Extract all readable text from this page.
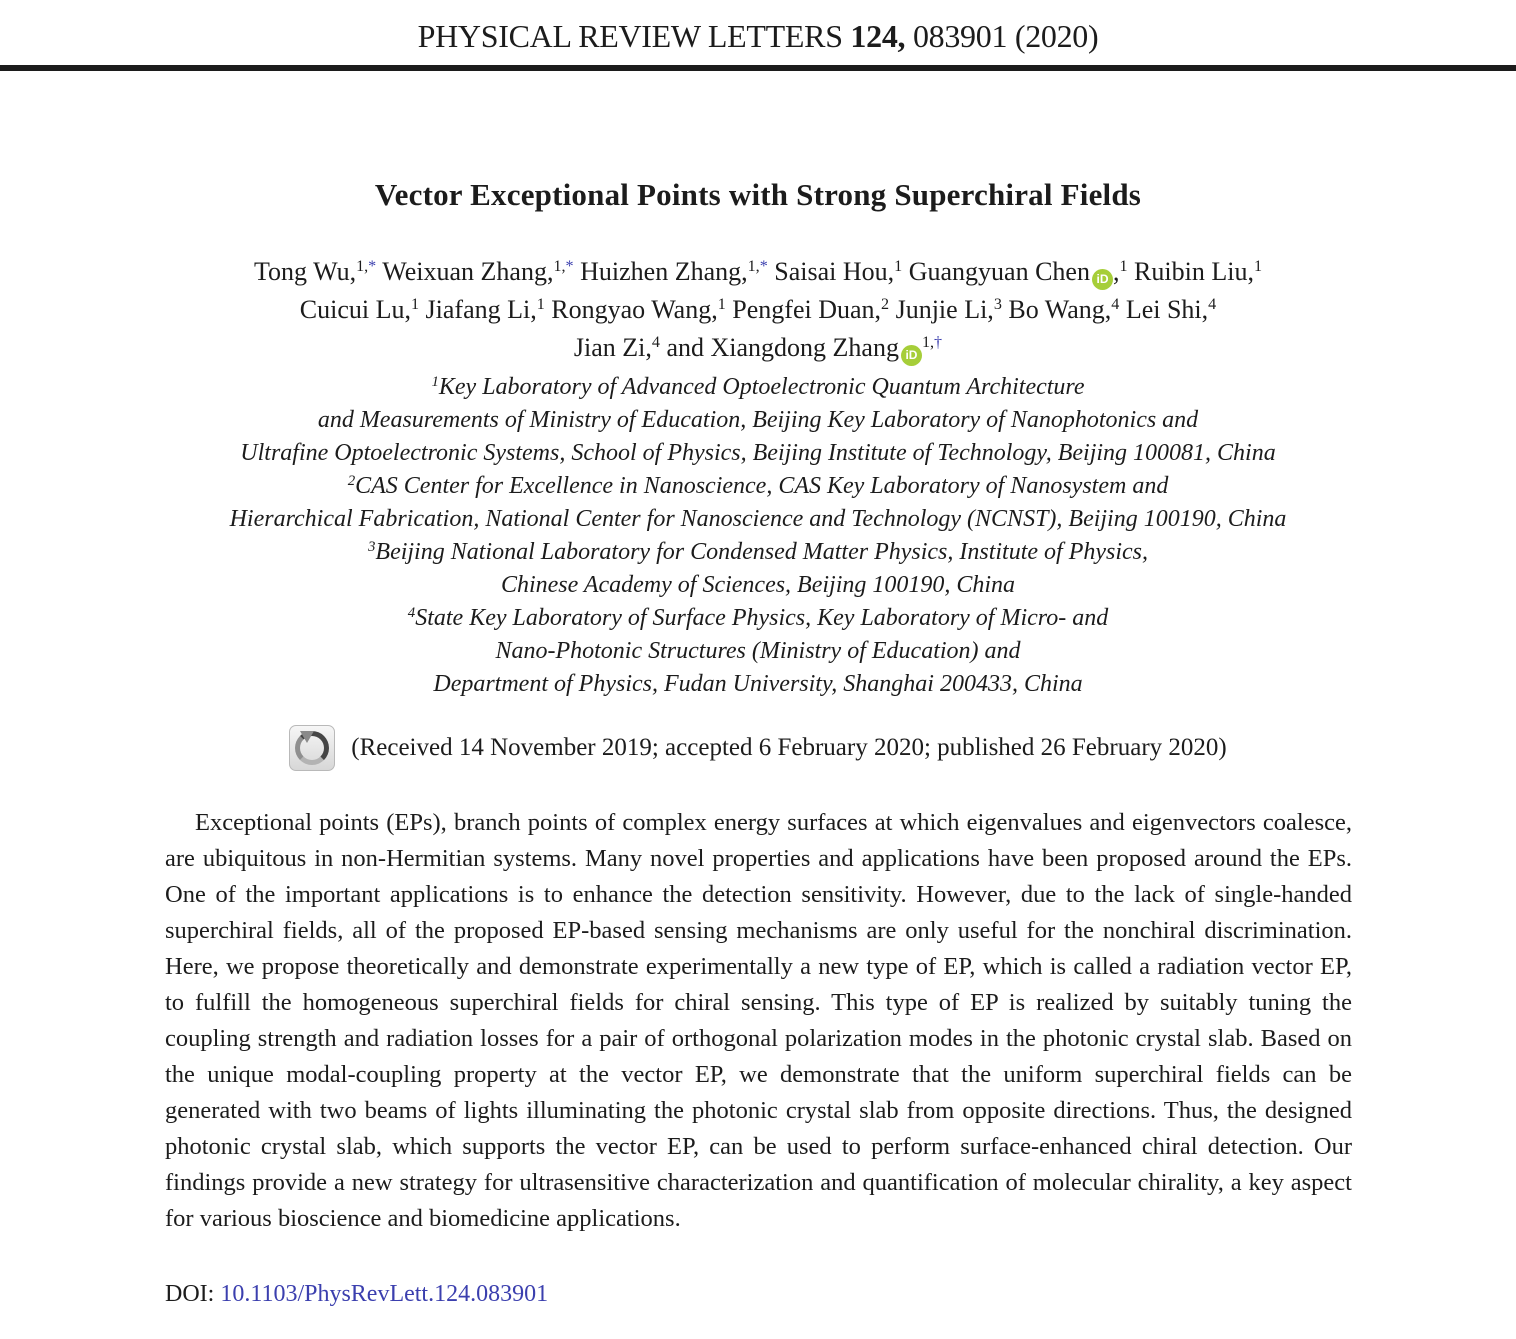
PHYSICAL REVIEW LETTERS 124, 083901 (2020)
Vector Exceptional Points with Strong Superchiral Fields
Tong Wu,$^{1,*}$ Weixuan Zhang,$^{1,*}$ Huizhen Zhang,$^{1,*}$ Saisai Hou,$^1$ Guangyuan Chen iD ,$^1$ Ruibin Liu,$^1$
Cuicui Lu,$^1$ Jiafang Li,$^1$ Rongyao Wang,$^1$ Pengfei Duan,$^2$ Junjie Li,$^3$ Bo Wang,$^4$ Lei Shi,$^4$
Jian Zi,$^4$ and Xiangdong Zhang $iD^{1,\dagger}$
$^1$Key Laboratory of Advanced Optoelectronic Quantum Architecture
and Measurements of Ministry of Education, Beijing Key Laboratory of Nanophotonics and
Ultrafine Optoelectronic Systems, School of Physics, Beijing Institute of Technology, Beijing 100081, China
$^2$CAS Center for Excellence in Nanoscience, CAS Key Laboratory of Nanosystem and
Hierarchical Fabrication, National Center for Nanoscience and Technology (NCNST), Beijing 100190, China
$^3$Beijing National Laboratory for Condensed Matter Physics, Institute of Physics,
Chinese Academy of Sciences, Beijing 100190, China
$^4$State Key Laboratory of Surface Physics, Key Laboratory of Micro- and
Nano-Photonic Structures (Ministry of Education) and
Department of Physics, Fudan University, Shanghai 200433, China
(Received 14 November 2019; accepted 6 February 2020; published 26 February 2020)

Exceptional points (EPs), branch points of complex energy surfaces at which eigenvalues and eigenvectors coalesce, are ubiquitous in non-Hermitian systems. Many novel properties and applications have been proposed around the EPs. One of the important applications is to enhance the detection sensitivity. However, due to the lack of single-handed superchiral fields, all of the proposed EP-based sensing mechanisms are only useful for the nonchiral discrimination. Here, we propose theoretically and demonstrate experimentally a new type of EP, which is called a radiation vector EP, to fulfill the homogeneous superchiral fields for chiral sensing. This type of EP is realized by suitably tuning the coupling strength and radiation losses for a pair of orthogonal polarization modes in the photonic crystal slab. Based on the unique modal-coupling property at the vector EP, we demonstrate that the uniform superchiral fields can be generated with two beams of lights illuminating the photonic crystal slab from opposite directions. Thus, the designed photonic crystal slab, which supports the vector EP, can be used to perform surface-enhanced chiral detection. Our findings provide a new strategy for ultrasensitive characterization and quantification of molecular chirality, a key aspect for various bioscience and biomedicine applications.

DOI: 10.1103/PhysRevLett.124.083901
